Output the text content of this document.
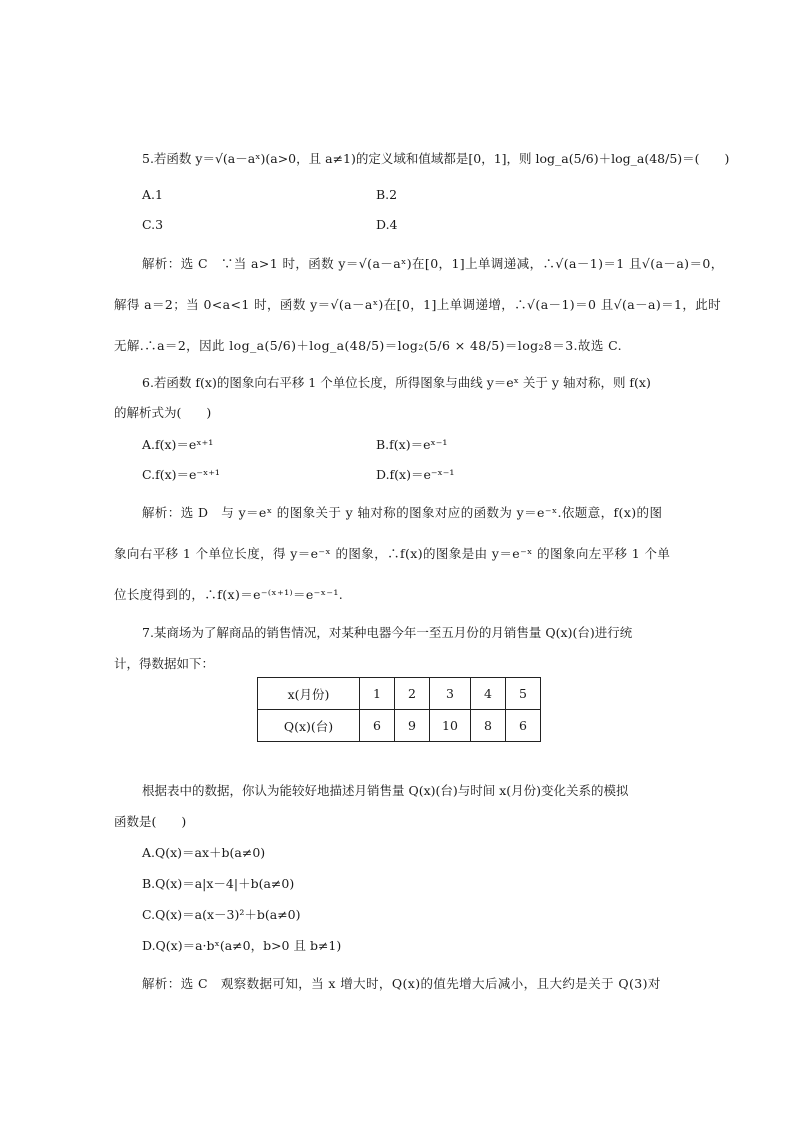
5.若函数 y＝√(a－aˣ)(a>0，且 a≠1)的定义域和值域都是[0，1]，则 log_a(5/6)＋log_a(48/5)＝(　　)
A.1	B.2
C.3	D.4
解析：选 C　∵当 a>1 时，函数 y＝√(a－aˣ)在[0，1]上单调递减，∴√(a－1)＝1 且√(a－a)＝0，
解得 a＝2；当 0<a<1 时，函数 y＝√(a－aˣ)在[0，1]上单调递增，∴√(a－1)＝0 且√(a－a)＝1，此时
无解.∴a＝2，因此 log_a(5/6)＋log_a(48/5)＝log₂(5/6 × 48/5)＝log₂8＝3.故选 C.
6.若函数 f(x)的图象向右平移 1 个单位长度，所得图象与曲线 y＝eˣ 关于 y 轴对称，则 f(x)
的解析式为(　　)
A.f(x)＝eˣ⁺¹	B.f(x)＝eˣ⁻¹
C.f(x)＝e⁻ˣ⁺¹	D.f(x)＝e⁻ˣ⁻¹
解析：选 D　与 y＝eˣ 的图象关于 y 轴对称的图象对应的函数为 y＝e⁻ˣ.依题意，f(x)的图
象向右平移 1 个单位长度，得 y＝e⁻ˣ 的图象，∴f(x)的图象是由 y＝e⁻ˣ 的图象向左平移 1 个单
位长度得到的，∴f(x)＝e⁻⁽ˣ⁺¹⁾＝e⁻ˣ⁻¹.
7.某商场为了解商品的销售情况，对某种电器今年一至五月份的月销售量 Q(x)(台)进行统
计，得数据如下：
x(月份)	1	2	3	4	5
Q(x)(台)	6	9	10	8	6
根据表中的数据，你认为能较好地描述月销售量 Q(x)(台)与时间 x(月份)变化关系的模拟
函数是(　　)
A.Q(x)＝ax＋b(a≠0)
B.Q(x)＝a|x－4|＋b(a≠0)
C.Q(x)＝a(x－3)²＋b(a≠0)
D.Q(x)＝a·bˣ(a≠0，b>0 且 b≠1)
解析：选 C　观察数据可知，当 x 增大时，Q(x)的值先增大后减小，且大约是关于 Q(3)对
